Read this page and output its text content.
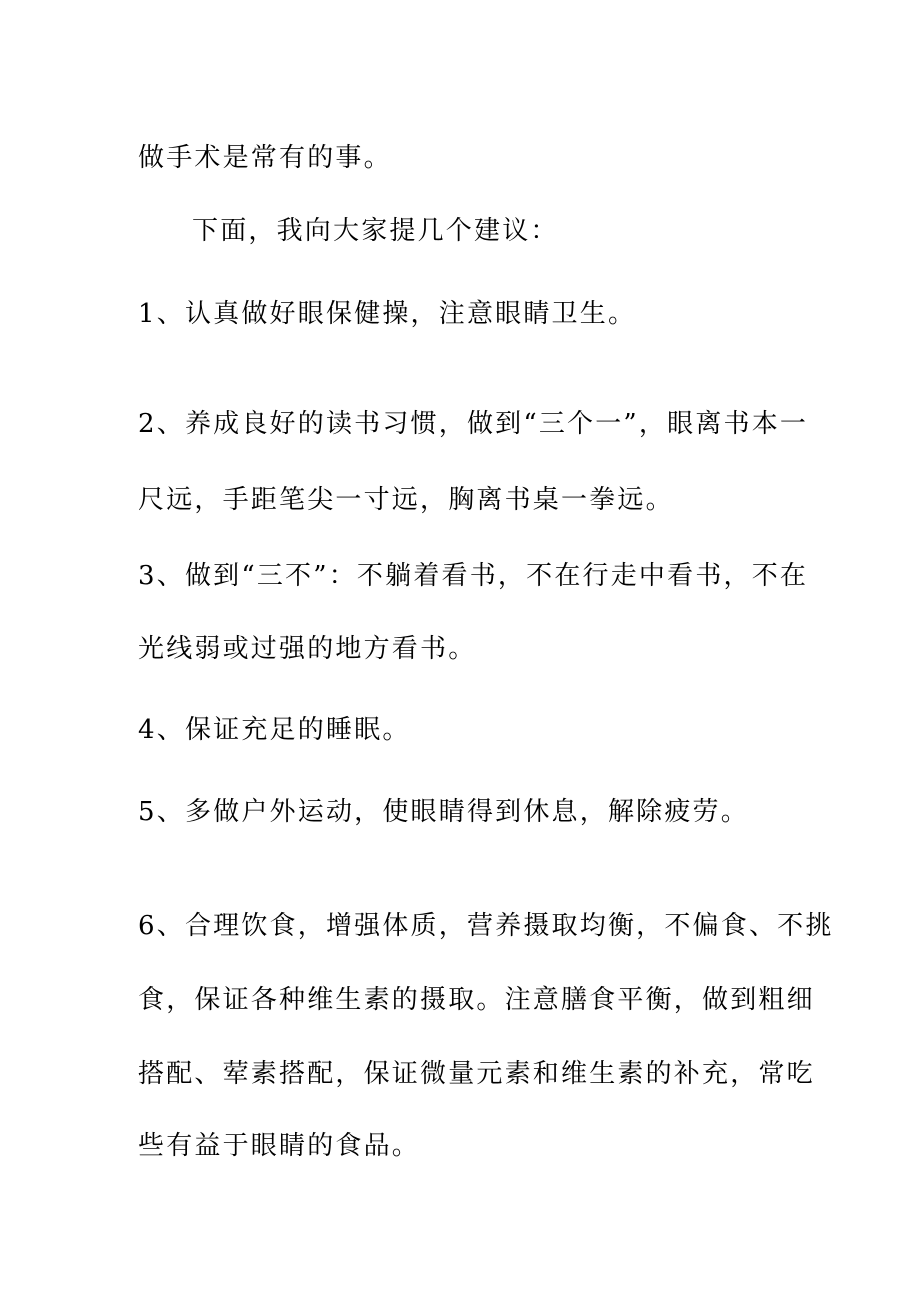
做手术是常有的事。
下面，我向大家提几个建议：
1、认真做好眼保健操，注意眼睛卫生。
2、养成良好的读书习惯，做到“三个一”，眼离书本一
尺远，手距笔尖一寸远，胸离书桌一拳远。
3、做到“三不”：不躺着看书，不在行走中看书，不在
光线弱或过强的地方看书。
4、保证充足的睡眠。
5、多做户外运动，使眼睛得到休息，解除疲劳。
6、合理饮食，增强体质，营养摄取均衡，不偏食、不挑
食，保证各种维生素的摄取。注意膳食平衡，做到粗细
搭配、荤素搭配，保证微量元素和维生素的补充，常吃
些有益于眼睛的食品。
